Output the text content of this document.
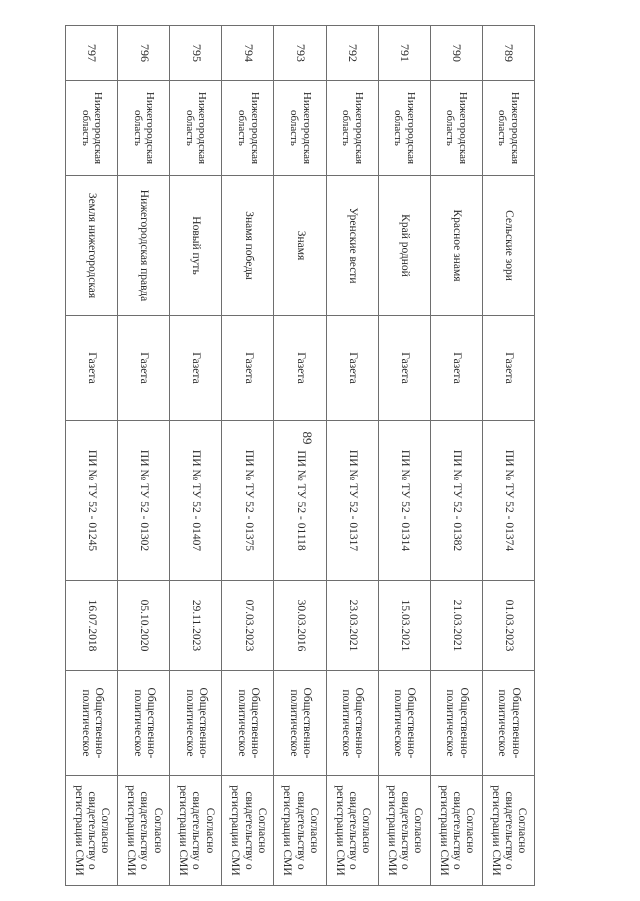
89
789	Нижегородская область	Сельские зори	Газета	ПИ № ТУ 52 - 01374	01.03.2023	Общественно-политическое	Согласно свидетельству о регистрации СМИ
790	Нижегородская область	Красное знамя	Газета	ПИ № ТУ 52 - 01382	21.03.2021	Общественно-политическое	Согласно свидетельству о регистрации СМИ
791	Нижегородская область	Край родной	Газета	ПИ № ТУ 52 - 01314	15.03.2021	Общественно-политическое	Согласно свидетельству о регистрации СМИ
792	Нижегородская область	Уренские вести	Газета	ПИ № ТУ 52 - 01317	23.03.2021	Общественно-политическое	Согласно свидетельству о регистрации СМИ
793	Нижегородская область	Знамя	Газета	ПИ № ТУ 52 - 01118	30.03.2016	Общественно-политическое	Согласно свидетельству о регистрации СМИ
794	Нижегородская область	Знамя победы	Газета	ПИ № ТУ 52 - 01375	07.03.2023	Общественно-политическое	Согласно свидетельству о регистрации СМИ
795	Нижегородская область	Новый путь	Газета	ПИ № ТУ 52 - 01407	29.11.2023	Общественно-политическое	Согласно свидетельству о регистрации СМИ
796	Нижегородская область	Нижегородская правда	Газета	ПИ № ТУ 52 - 01302	05.10.2020	Общественно-политическое	Согласно свидетельству о регистрации СМИ
797	Нижегородская область	Земля нижегородская	Газета	ПИ № ТУ 52 - 01245	16.07.2018	Общественно-политическое	Согласно свидетельству о регистрации СМИ
